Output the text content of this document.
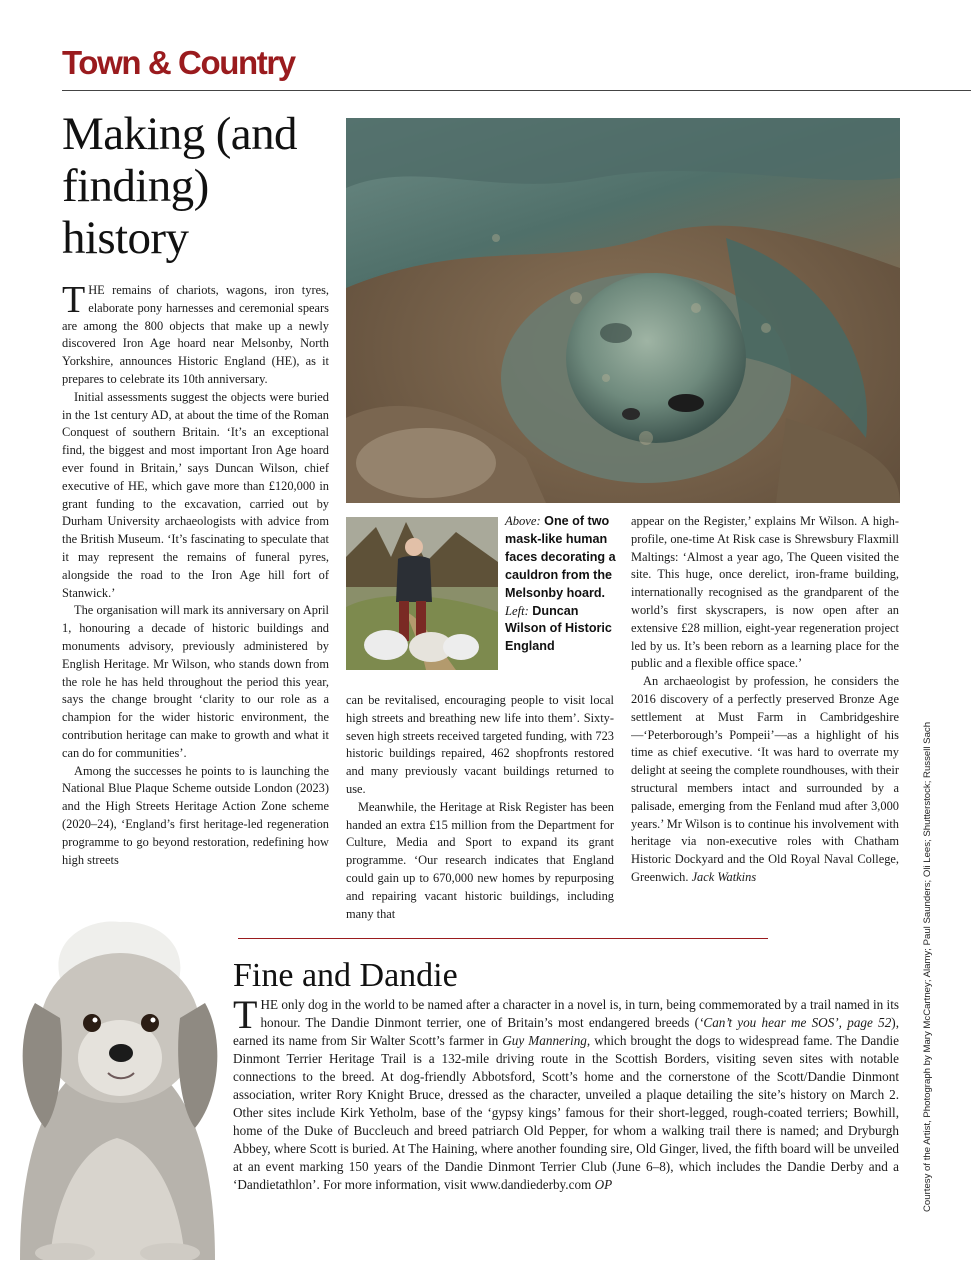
Town & Country
Making (and finding) history
Above: One of two mask-like human faces decorating a cauldron from the Melsonby hoard. Left: Duncan Wilson of Historic England

THE remains of chariots, wagons, iron tyres, elaborate pony harnesses and ceremonial spears are among the 800 objects that make up a newly discovered Iron Age hoard near Melsonby, North Yorkshire, announces Historic England (HE), as it prepares to celebrate its 10th anniversary.

Initial assessments suggest the objects were buried in the 1st century AD, at about the time of the Roman Conquest of southern Britain. ‘It’s an exceptional find, the biggest and most important Iron Age hoard ever found in Britain,’ says Duncan Wilson, chief executive of HE, which gave more than £120,000 in grant funding to the excavation, carried out by Durham University archaeologists with advice from the British Museum. ‘It’s fascinating to speculate that it may represent the remains of funeral pyres, alongside the road to the Iron Age hill fort of Stanwick.’

The organisation will mark its anniversary on April 1, honouring a decade of historic buildings and monuments advisory, previously administered by English Heritage. Mr Wilson, who stands down from the role he has held throughout the period this year, says the change brought ‘clarity to our role as a champion for the wider historic environment, the contribution heritage can make to growth and what it can do for communities’.

Among the successes he points to is launching the National Blue Plaque Scheme outside London (2023) and the High Streets Heritage Action Zone scheme (2020–24), ‘England’s first heritage-led regeneration programme to go beyond restoration, redefining how high streets

can be revitalised, encouraging people to visit local high streets and breathing new life into them’. Sixty-seven high streets received targeted funding, with 723 historic buildings repaired, 462 shopfronts restored and many previously vacant buildings returned to use.

Meanwhile, the Heritage at Risk Register has been handed an extra £15 million from the Department for Culture, Media and Sport to expand its grant programme. ‘Our research indicates that England could gain up to 670,000 new homes by repurposing and repairing vacant historic buildings, including many that

appear on the Register,’ explains Mr Wilson. A high-profile, one-time At Risk case is Shrewsbury Flaxmill Maltings: ‘Almost a year ago, The Queen visited the site. This huge, once derelict, iron-frame building, internationally recognised as the grandparent of the world’s first skyscrapers, is now open after an extensive £28 million, eight-year regeneration project led by us. It’s been reborn as a learning place for the public and a flexible office space.’

An archaeologist by profession, he considers the 2016 discovery of a perfectly preserved Bronze Age settlement at Must Farm in Cambridgeshire—‘Peterborough’s Pompeii’—as a highlight of his time as chief executive. ‘It was hard to overrate my delight at seeing the complete roundhouses, with their structural members intact and surrounded by a palisade, emerging from the Fenland mud after 3,000 years.’ Mr Wilson is to continue his involvement with heritage via non-executive roles with Chatham Historic Dockyard and the Old Royal Naval College, Greenwich. Jack Watkins

Fine and Dandie

THE only dog in the world to be named after a character in a novel is, in turn, being commemorated by a trail named in its honour. The Dandie Dinmont terrier, one of Britain’s most endangered breeds (‘Can’t you hear me SOS’, page 52), earned its name from Sir Walter Scott’s farmer in Guy Mannering, which brought the dogs to widespread fame. The Dandie Dinmont Terrier Heritage Trail is a 132-mile driving route in the Scottish Borders, visiting seven sites with notable connections to the breed. At dog-friendly Abbotsford, Scott’s home and the cornerstone of the Scott/Dandie Dinmont association, writer Rory Knight Bruce, dressed as the character, unveiled a plaque detailing the site’s history on March 2. Other sites include Kirk Yetholm, base of the ‘gypsy kings’ famous for their short-legged, rough-coated terriers; Bowhill, home of the Duke of Buccleuch and breed patriarch Old Pepper, for whom a walking trail there is named; and Dryburgh Abbey, where Scott is buried. At The Haining, where another founding sire, Old Ginger, lived, the fifth board will be unveiled at an event marking 150 years of the Dandie Dinmont Terrier Club (June 6–8), which includes the Dandie Derby and a ‘Dandietathlon’. For more information, visit www.dandiederby.com OP	Courtesy of the Artist, Photograph by Mary McCartney; Alamy; Paul Saunders; Oli Lees; Shutterstock; Russell Sach
